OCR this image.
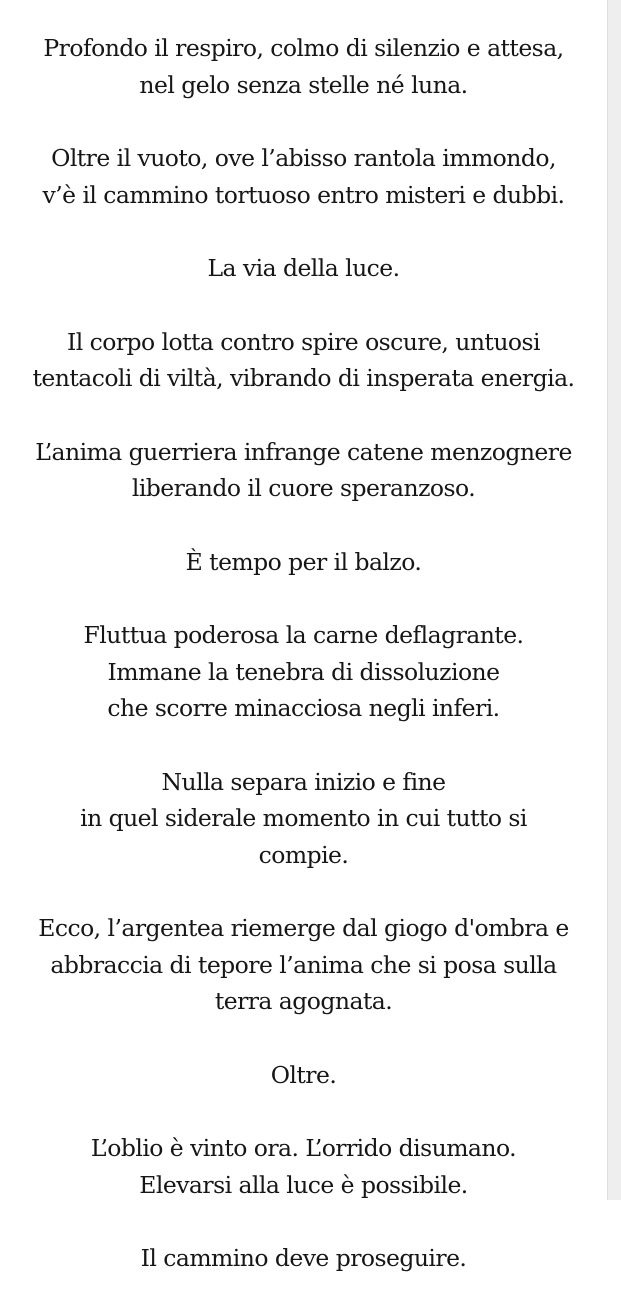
Profondo il respiro, colmo di silenzio e attesa,
nel gelo senza stelle né luna.

Oltre il vuoto, ove l’abisso rantola immondo,
v’è il cammino tortuoso entro misteri e dubbi.

La via della luce.

Il corpo lotta contro spire oscure, untuosi
tentacoli di viltà, vibrando di insperata energia.

L’anima guerriera infrange catene menzognere
liberando il cuore speranzoso.

È tempo per il balzo.

Fluttua poderosa la carne deflagrante.
Immane la tenebra di dissoluzione
che scorre minacciosa negli inferi.

Nulla separa inizio e fine
in quel siderale momento in cui tutto si
compie.

Ecco, l’argentea riemerge dal giogo d'ombra e
abbraccia di tepore l’anima che si posa sulla
terra agognata.

Oltre.

L’oblio è vinto ora. L’orrido disumano.
Elevarsi alla luce è possibile.

Il cammino deve proseguire.
